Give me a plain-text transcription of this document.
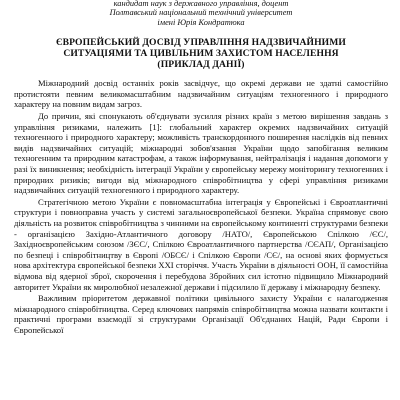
кандидат наук з державного управління, доцент
Полтавський національний технічний університет
імені Юрія Кондратюка
ЄВРОПЕЙСЬКИЙ ДОСВІД УПРАВЛІННЯ НАДЗВИЧАЙНИМИ
СИТУАЦІЯМИ ТА ЦИВІЛЬНИМ ЗАХИСТОМ НАСЕЛЕННЯ
(ПРИКЛАД ДАНІЇ)

Міжнародний досвід останніх років засвідчує, що окремі держави не здатні самостійно протистояти певним великомасштабним надзвичайним ситуаціям техногенного і природного характеру на повним видам загроз.

До причин, які спонукають об'єднувати зусилля різних країн з метою вирішення завдань з управління ризиками, належить [1]: глобальний характер окремих надзвичайних ситуацій техногенного і природного характеру; можливість транскордонного поширення наслідків від певних видів надзвичайних ситуацій; міжнародні зобов'язання України щодо запобігання великим техногенним та природним катастрофам, а також інформування, нейтралізація і надання допомоги у разі їх виникнення; необхідність інтеграції України у європейську мережу моніторингу техногенних і природних ризиків; вигоди від міжнародного співробітництва у сфері управління ризиками надзвичайних ситуацій техногенного і природного характеру.

Стратегічною метою України є повномасштабна інтеграція у Європейські і Євроатлантичні структури і повноправна участь у системі загальноєвропейської безпеки. Україна спрямовує свою діяльність на розвиток співробітництва з чинними на європейському континенті структурами безпеки - організацією Західно-Атлантичного договору /НАТО/, Європейською Спілкою /ЄС/, Західноєвропейським союзом /ЗЄС/, Спілкою Євроатлантичного партнерства /СЄАП/, Організацією по безпеці і співробітництву в Європі /ОБСЄ/ і Спілкою Європи /СЄ/, на основі яких формується нова архітектура європейської безпеки ХХІ сторіччя. Участь України в діяльності ООН, її самостійна відмова від ядерної зброї, скорочення і перебудова Збройних сил істотно підвищило Міжнародний авторитет України як миролюбної незалежної держави і підсилило її державу і міжнародну безпеку.

Важливим пріоритетом державної політики цивільного захисту України є налагодження міжнародного співробітництва. Серед ключових напрямів співробітництва можна назвати контакти і практичні програми взаємодії зі структурами Організації Об'єднаних Націй, Ради Європи і Європейської
